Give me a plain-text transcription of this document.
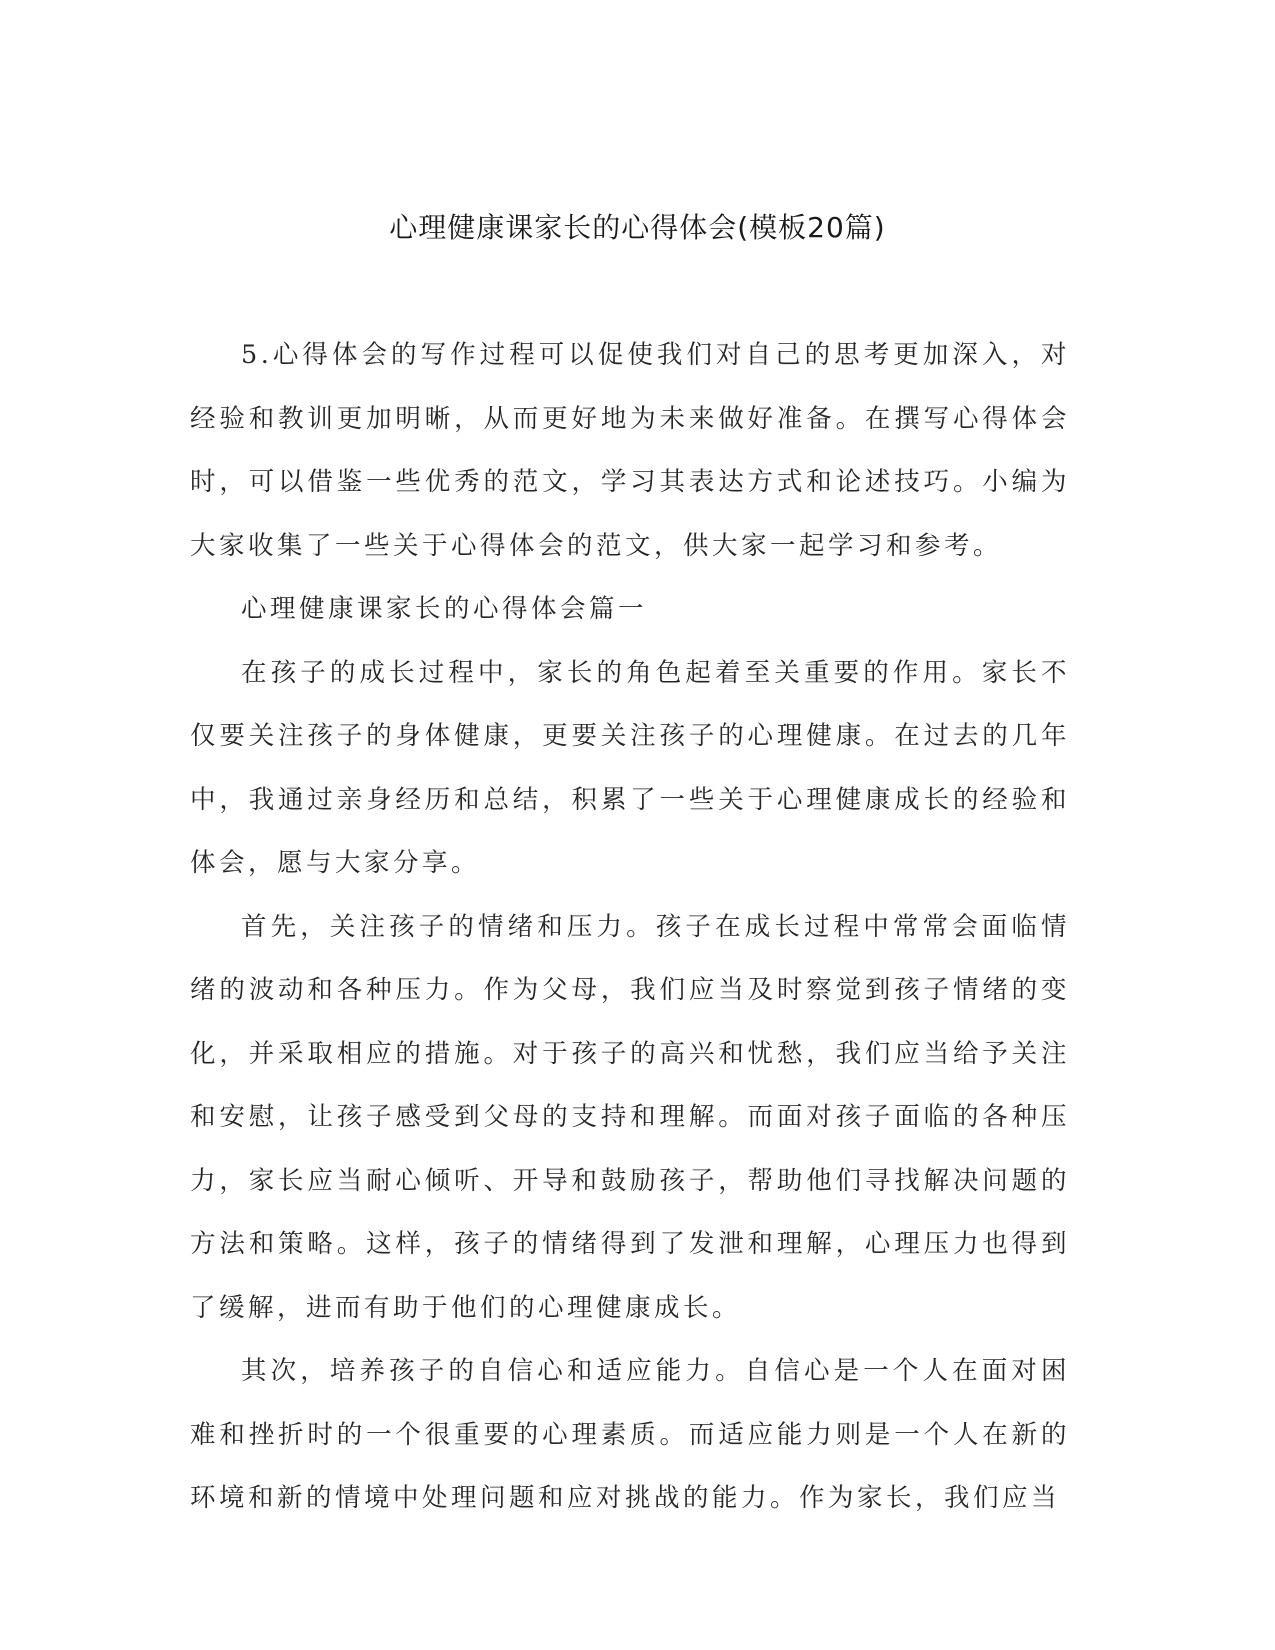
心理健康课家长的心得体会(模板20篇)

5.心得体会的写作过程可以促使我们对自己的思考更加深入，对经验和教训更加明晰，从而更好地为未来做好准备。在撰写心得体会时，可以借鉴一些优秀的范文，学习其表达方式和论述技巧。小编为大家收集了一些关于心得体会的范文，供大家一起学习和参考。

心理健康课家长的心得体会篇一

在孩子的成长过程中，家长的角色起着至关重要的作用。家长不仅要关注孩子的身体健康，更要关注孩子的心理健康。在过去的几年中，我通过亲身经历和总结，积累了一些关于心理健康成长的经验和体会，愿与大家分享。

首先，关注孩子的情绪和压力。孩子在成长过程中常常会面临情绪的波动和各种压力。作为父母，我们应当及时察觉到孩子情绪的变化，并采取相应的措施。对于孩子的高兴和忧愁，我们应当给予关注和安慰，让孩子感受到父母的支持和理解。而面对孩子面临的各种压力，家长应当耐心倾听、开导和鼓励孩子，帮助他们寻找解决问题的方法和策略。这样，孩子的情绪得到了发泄和理解，心理压力也得到了缓解，进而有助于他们的心理健康成长。

其次，培养孩子的自信心和适应能力。自信心是一个人在面对困难和挫折时的一个很重要的心理素质。而适应能力则是一个人在新的环境和新的情境中处理问题和应对挑战的能力。作为家长，我们应当
